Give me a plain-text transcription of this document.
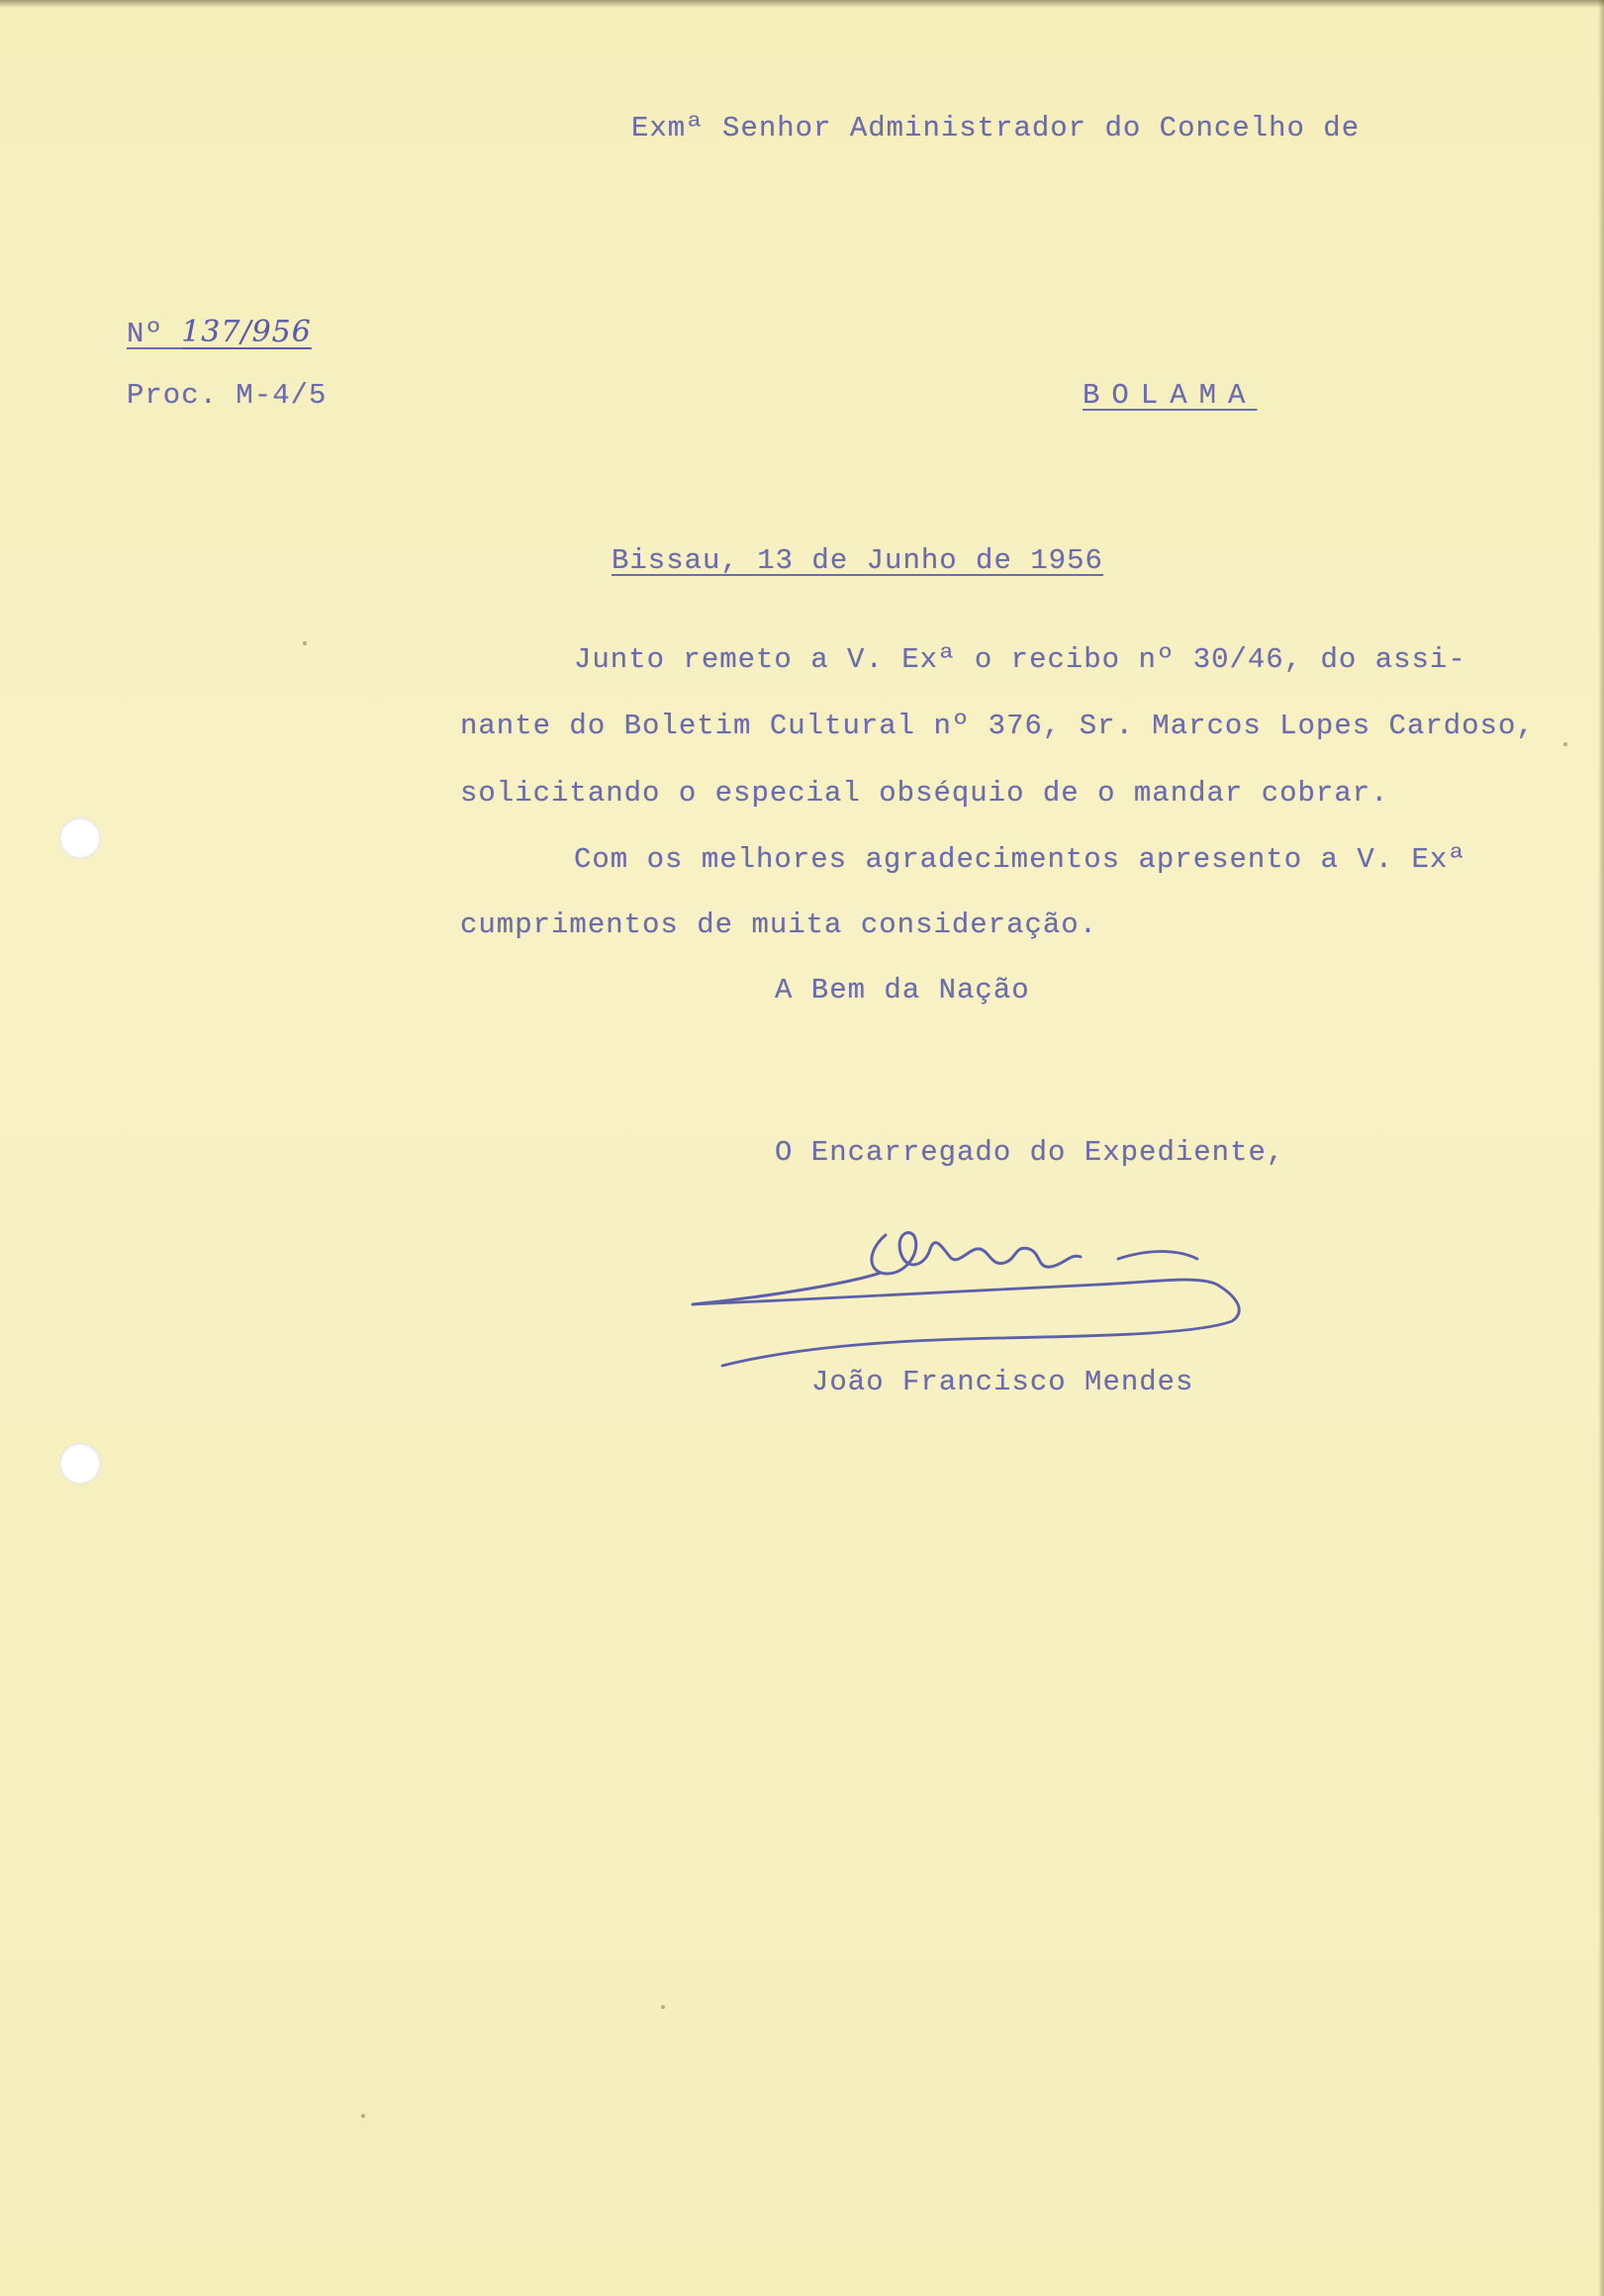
Exmª Senhor Administrador do Concelho de
Nº 137/956
Proc. M-4/5	BOLAMA
Bissau, 13 de Junho de 1956
Junto remeto a V. Exª o recibo nº 30/46, do assi-
nante do Boletim Cultural nº 376, Sr. Marcos Lopes Cardoso,
solicitando o especial obséquio de o mandar cobrar.
Com os melhores agradecimentos apresento a V. Exª
cumprimentos de muita consideração.
A Bem da Nação
O Encarregado do Expediente,
João Francisco Mendes
